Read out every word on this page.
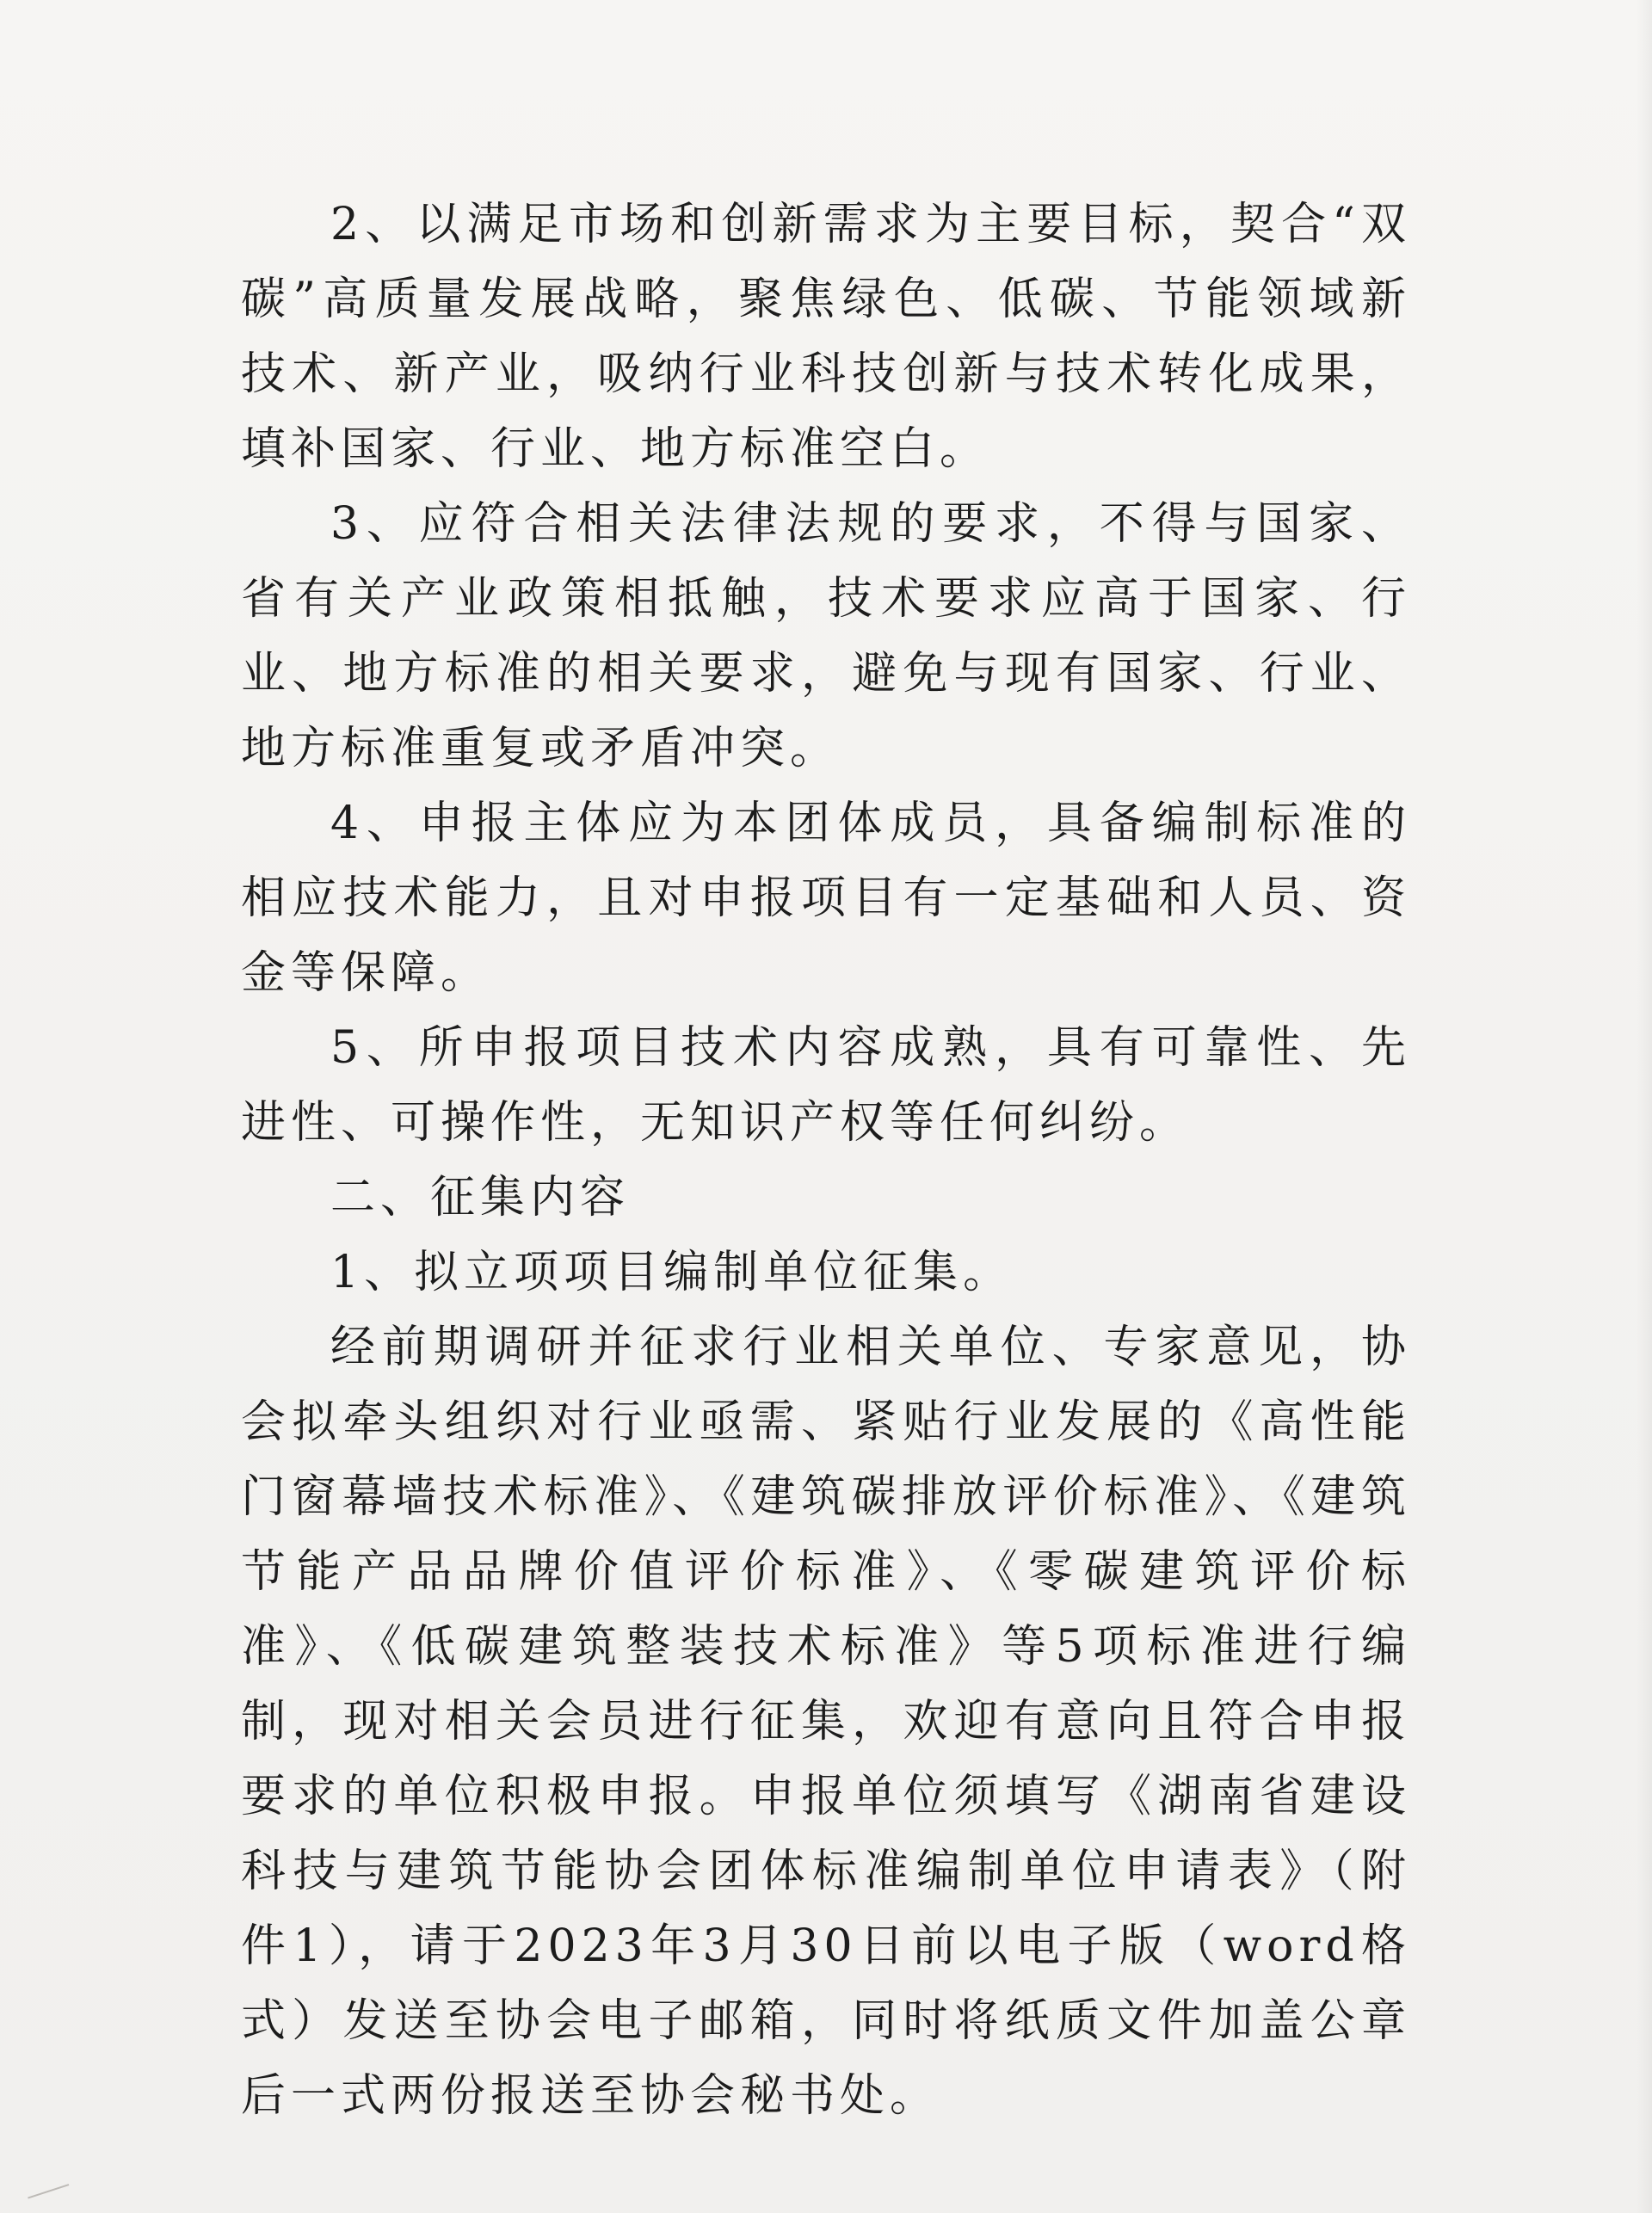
2、以满足市场和创新需求为主要目标，契合“双碳”高质量发展战略，聚焦绿色、低碳、节能领域新技术、新产业，吸纳行业科技创新与技术转化成果，填补国家、行业、地方标准空白。

3、应符合相关法律法规的要求，不得与国家、省有关产业政策相抵触，技术要求应高于国家、行业、地方标准的相关要求，避免与现有国家、行业、地方标准重复或矛盾冲突。

4、申报主体应为本团体成员，具备编制标准的相应技术能力，且对申报项目有一定基础和人员、资金等保障。

5、所申报项目技术内容成熟，具有可靠性、先进性、可操作性，无知识产权等任何纠纷。

二、征集内容

1、拟立项项目编制单位征集。

经前期调研并征求行业相关单位、专家意见，协会拟牵头组织对行业亟需、紧贴行业发展的《高性能门窗幕墙技术标准》、《建筑碳排放评价标准》、《建筑节能产品品牌价值评价标准》、《零碳建筑评价标准》、《低碳建筑整装技术标准》等5项标准进行编制，现对相关会员进行征集，欢迎有意向且符合申报要求的单位积极申报。申报单位须填写《湖南省建设科技与建筑节能协会团体标准编制单位申请表》（附件1），请于2023年3月30日前以电子版（word格式）发送至协会电子邮箱，同时将纸质文件加盖公章后一式两份报送至协会秘书处。
